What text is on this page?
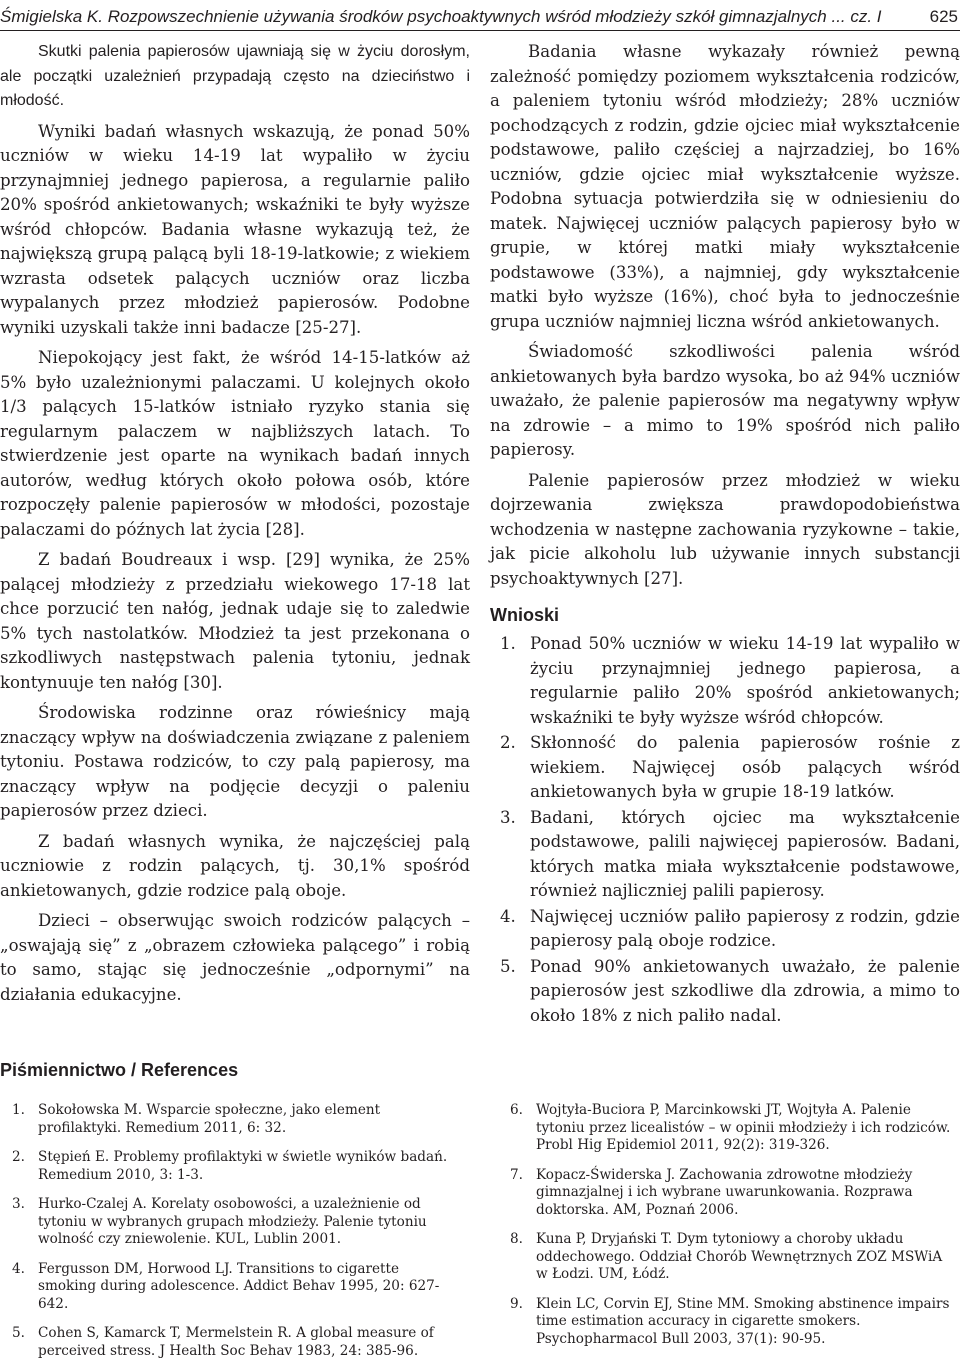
Śmigielska K. Rozpowszechnienie używania środków psychoaktywnych wśród młodzieży szkół gimnazjalnych ... cz. I	625

Skutki palenia papierosów ujawniają się w życiu dorosłym, ale początki uzależnień przypadają często na dzieciństwo i młodość.

Wyniki badań własnych wskazują, że ponad 50% uczniów w wieku 14-19 lat wypaliło w życiu przynajmniej jednego papierosa, a regularnie paliło 20% spośród ankietowanych; wskaźniki te były wyższe wśród chłopców. Badania własne wykazują też, że największą grupą palącą byli 18-19-latkowie; z wiekiem wzrasta odsetek palących uczniów oraz liczba wypalanych przez młodzież papierosów. Podobne wyniki uzyskali także inni badacze [25-27].

Niepokojący jest fakt, że wśród 14-15-latków aż 5% było uzależnionymi palaczami. U kolejnych około 1/3 palących 15-latków istniało ryzyko stania się regularnym palaczem w najbliższych latach. To stwierdzenie jest oparte na wynikach badań innych autorów, według których około połowa osób, które rozpoczęły palenie papierosów w młodości, pozostaje palaczami do późnych lat życia [28].

Z badań Boudreaux i wsp. [29] wynika, że 25% palącej młodzieży z przedziału wiekowego 17-18 lat chce porzucić ten nałóg, jednak udaje się to zaledwie 5% tych nastolatków. Młodzież ta jest przekonana o szkodliwych następstwach palenia tytoniu, jednak kontynuuje ten nałóg [30].

Środowiska rodzinne oraz rówieśnicy mają znaczący wpływ na doświadczenia związane z paleniem tytoniu. Postawa rodziców, to czy palą papierosy, ma znaczący wpływ na podjęcie decyzji o paleniu papierosów przez dzieci.

Z badań własnych wynika, że najczęściej palą uczniowie z rodzin palących, tj. 30,1% spośród ankietowanych, gdzie rodzice palą oboje.

Dzieci – obserwując swoich rodziców palących – „oswajają się” z „obrazem człowieka palącego” i robią to samo, stając się jednocześnie „odpornymi” na działania edukacyjne.

Badania własne wykazały również pewną zależność pomiędzy poziomem wykształcenia rodziców, a paleniem tytoniu wśród młodzieży; 28% uczniów pochodzących z rodzin, gdzie ojciec miał wykształcenie podstawowe, paliło częściej a najrzadziej, bo 16% uczniów, gdzie ojciec miał wykształcenie wyższe. Podobna sytuacja potwierdziła się w odniesieniu do matek. Najwięcej uczniów palących papierosy było w grupie, w której matki miały wykształcenie podstawowe (33%), a najmniej, gdy wykształcenie matki było wyższe (16%), choć była to jednocześnie grupa uczniów najmniej liczna wśród ankietowanych.

Świadomość szkodliwości palenia wśród ankietowanych była bardzo wysoka, bo aż 94% uczniów uważało, że palenie papierosów ma negatywny wpływ na zdrowie – a mimo to 19% spośród nich paliło papierosy.

Palenie papierosów przez młodzież w wieku dojrzewania zwiększa prawdopodobieństwa wchodzenia w następne zachowania ryzykowne – takie, jak picie alkoholu lub używanie innych substancji psychoaktywnych [27].

Wnioski
1. Ponad 50% uczniów w wieku 14-19 lat wypaliło w życiu przynajmniej jednego papierosa, a regularnie paliło 20% spośród ankietowanych; wskaźniki te były wyższe wśród chłopców.
2. Skłonność do palenia papierosów rośnie z wiekiem. Najwięcej osób palących wśród ankietowanych była w grupie 18-19 latków.
3. Badani, których ojciec ma wykształcenie podstawowe, palili najwięcej papierosów. Badani, których matka miała wykształcenie podstawowe, również najliczniej palili papierosy.
4. Najwięcej uczniów paliło papierosy z rodzin, gdzie papierosy palą oboje rodzice.
5. Ponad 90% ankietowanych uważało, że palenie papierosów jest szkodliwe dla zdrowia, a mimo to około 18% z nich paliło nadal.
Piśmiennictwo / References
1. Sokołowska M. Wsparcie społeczne, jako element profilaktyki. Remedium 2011, 6: 32.
2. Stępień E. Problemy profilaktyki w świetle wyników badań. Remedium 2010, 3: 1-3.
3. Hurko-Czalej A. Korelaty osobowości, a uzależnienie od tytoniu w wybranych grupach młodzieży. Palenie tytoniu wolność czy zniewolenie. KUL, Lublin 2001.
4. Fergusson DM, Horwood LJ. Transitions to cigarette smoking during adolescence. Addict Behav 1995, 20: 627-642.
5. Cohen S, Kamarck T, Mermelstein R. A global measure of perceived stress. J Health Soc Behav 1983, 24: 385-96.
6. Wojtyła-Buciora P, Marcinkowski JT, Wojtyła A. Palenie tytoniu przez licealistów – w opinii młodzieży i ich rodziców. Probl Hig Epidemiol 2011, 92(2): 319-326.
7. Kopacz-Świderska J. Zachowania zdrowotne młodzieży gimnazjalnej i ich wybrane uwarunkowania. Rozprawa doktorska. AM, Poznań 2006.
8. Kuna P, Dryjański T. Dym tytoniowy a choroby układu oddechowego. Oddział Chorób Wewnętrznych ZOZ MSWiA w Łodzi. UM, Łódź.
9. Klein LC, Corvin EJ, Stine MM. Smoking abstinence impairs time estimation accuracy in cigarette smokers. Psychopharmacol Bull 2003, 37(1): 90-95.
